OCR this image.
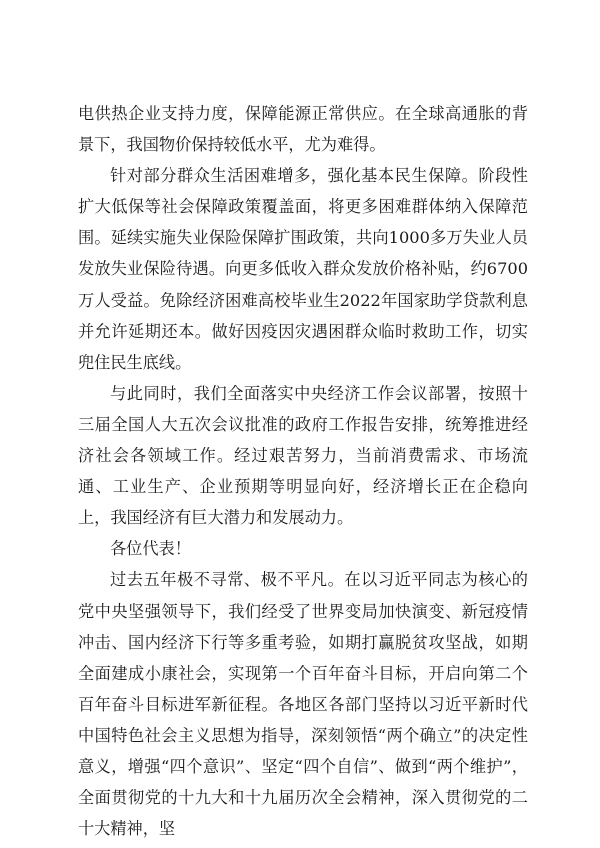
电供热企业支持力度，保障能源正常供应。在全球高通胀的背景下，我国物价保持较低水平，尤为难得。

针对部分群众生活困难增多，强化基本民生保障。阶段性扩大低保等社会保障政策覆盖面，将更多困难群体纳入保障范围。延续实施失业保险保障扩围政策，共向1000多万失业人员发放失业保险待遇。向更多低收入群众发放价格补贴，约6700万人受益。免除经济困难高校毕业生2022年国家助学贷款利息并允许延期还本。做好因疫因灾遇困群众临时救助工作，切实兜住民生底线。

与此同时，我们全面落实中央经济工作会议部署，按照十三届全国人大五次会议批准的政府工作报告安排，统筹推进经济社会各领域工作。经过艰苦努力，当前消费需求、市场流通、工业生产、企业预期等明显向好，经济增长正在企稳向上，我国经济有巨大潜力和发展动力。

各位代表！

过去五年极不寻常、极不平凡。在以习近平同志为核心的党中央坚强领导下，我们经受了世界变局加快演变、新冠疫情冲击、国内经济下行等多重考验，如期打赢脱贫攻坚战，如期全面建成小康社会，实现第一个百年奋斗目标，开启向第二个百年奋斗目标进军新征程。各地区各部门坚持以习近平新时代中国特色社会主义思想为指导，深刻领悟“两个确立”的决定性意义，增强“四个意识”、坚定“四个自信”、做到“两个维护”，全面贯彻党的十九大和十九届历次全会精神，深入贯彻党的二十大精神，坚
